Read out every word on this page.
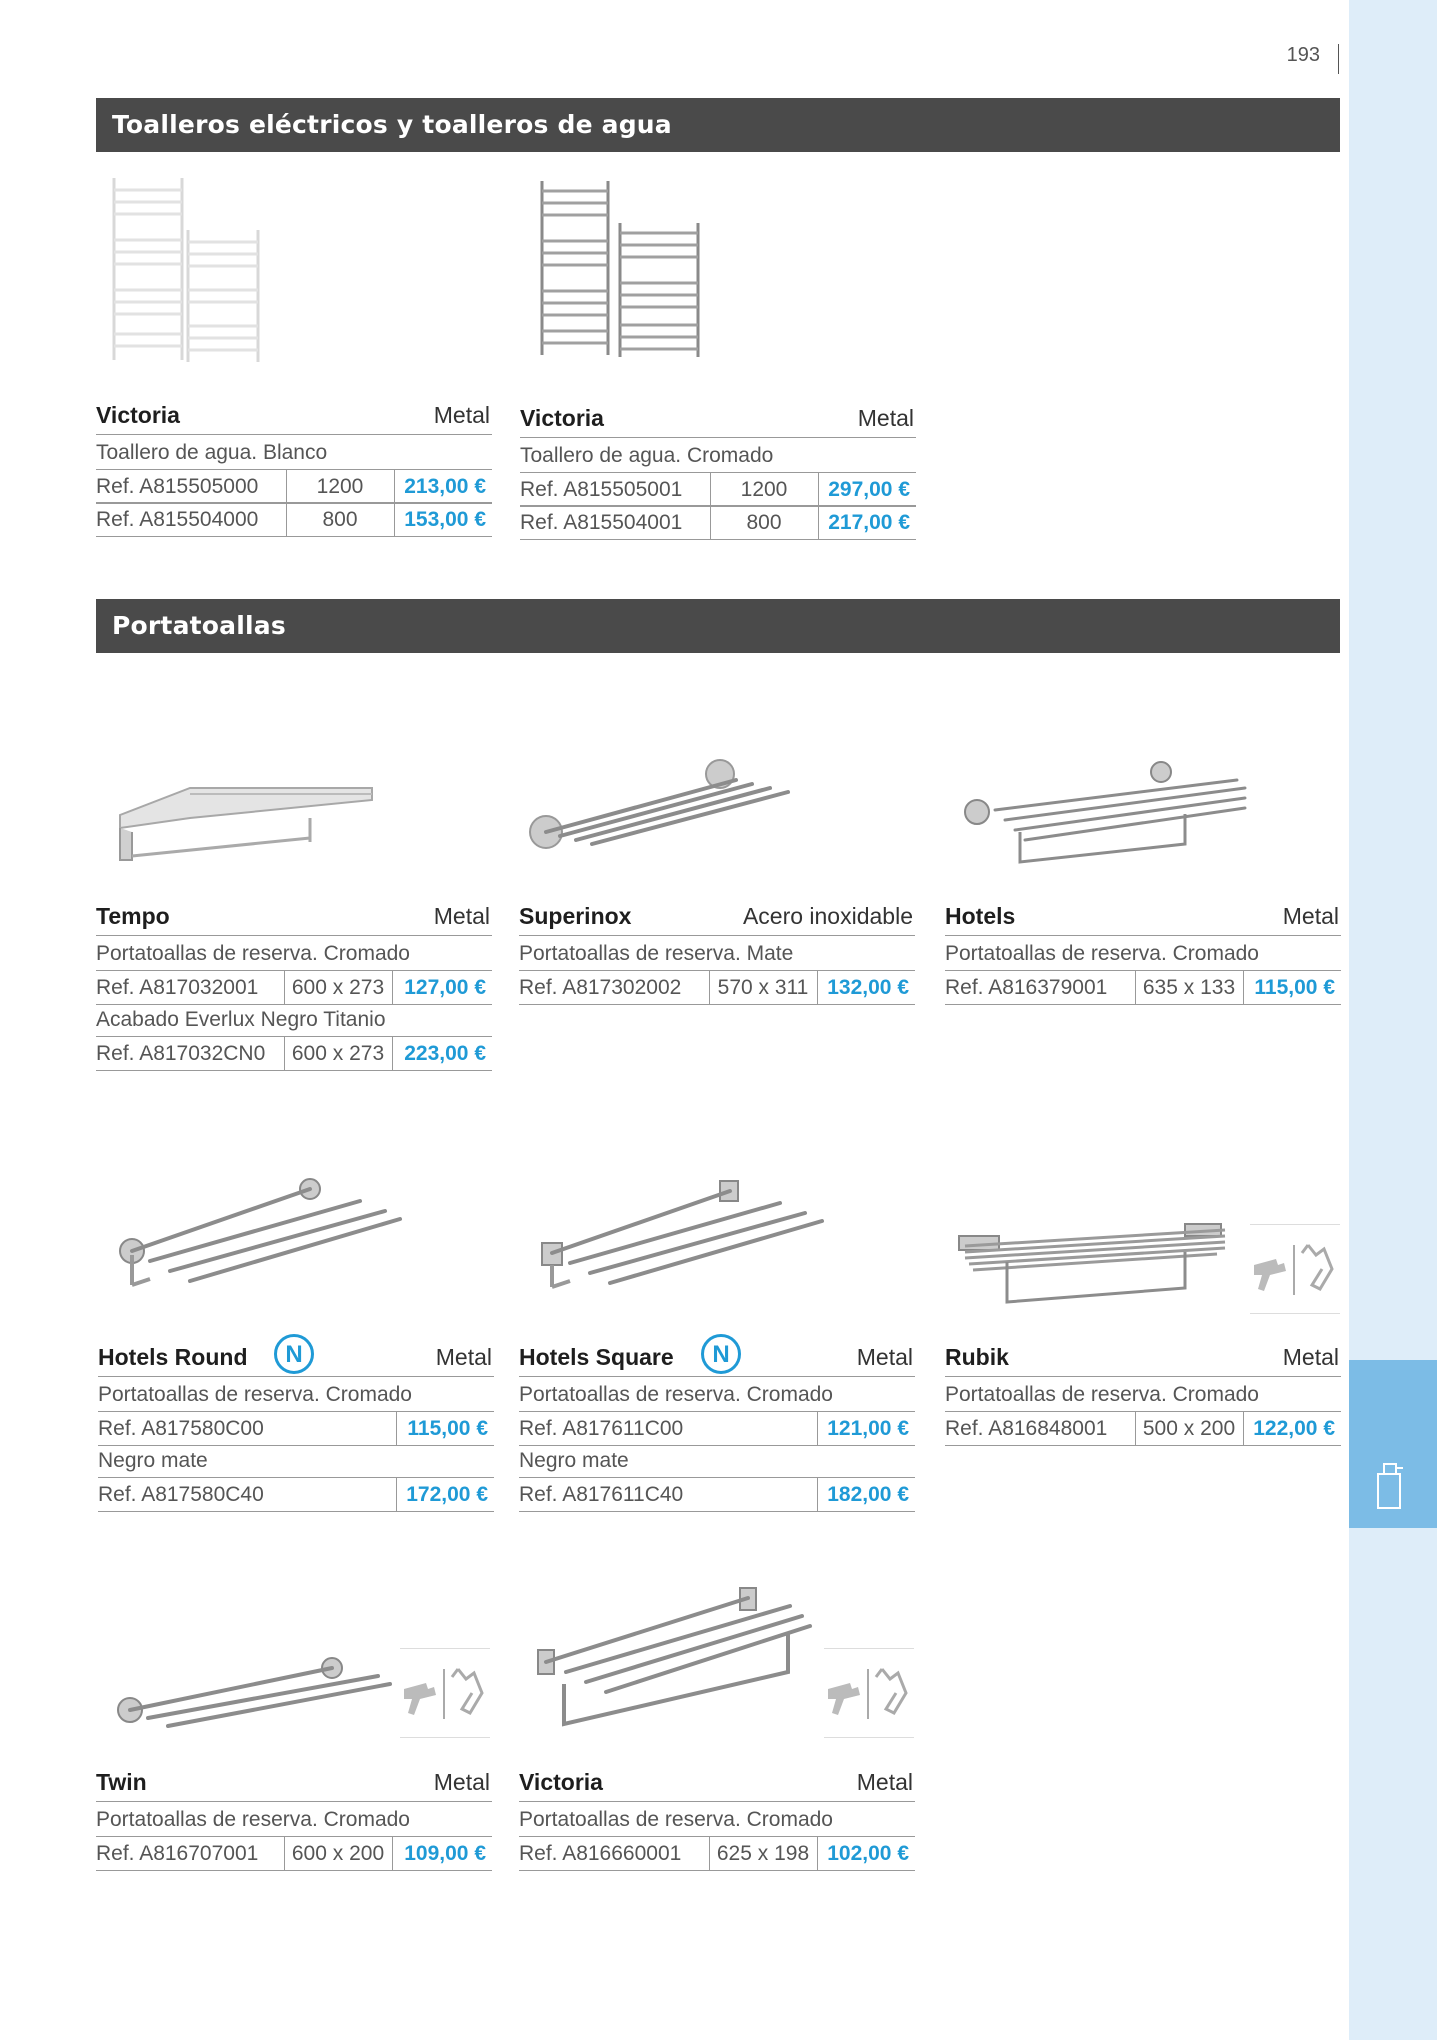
193
Toalleros eléctricos y toalleros de agua
Victoria	Metal
Toallero de agua. Blanco
Ref. A815505000	1200	213,00 €
Ref. A815504000	800	153,00 €
Victoria	Metal
Toallero de agua. Cromado
Ref. A815505001	1200	297,00 €
Ref. A815504001	800	217,00 €
Portatoallas
Tempo	Metal
Portatoallas de reserva. Cromado
Ref. A817032001	600 x 273 127,00 €
Acabado Everlux Negro Titanio
Ref. A817032CN0	600 x 273 223,00 €
Superinox	Acero inoxidable
Portatoallas de reserva. Mate
Ref. A817302002	570 x 311 132,00 €
Hotels	Metal
Portatoallas de reserva. Cromado
Ref. A816379001	635 x 133 115,00 €
Hotels Round	N	Metal
Portatoallas de reserva. Cromado
Ref. A817580C00	115,00 €
Negro mate
Ref. A817580C40	172,00 €
Hotels Square	N	Metal
Portatoallas de reserva. Cromado
Ref. A817611C00	121,00 €
Negro mate
Ref. A817611C40	182,00 €
Rubik	Metal
Portatoallas de reserva. Cromado
Ref. A816848001	500 x 200 122,00 €
Twin	Metal
Portatoallas de reserva. Cromado
Ref. A816707001	600 x 200 109,00 €
Victoria	Metal
Portatoallas de reserva. Cromado
Ref. A816660001	625 x 198 102,00 €
